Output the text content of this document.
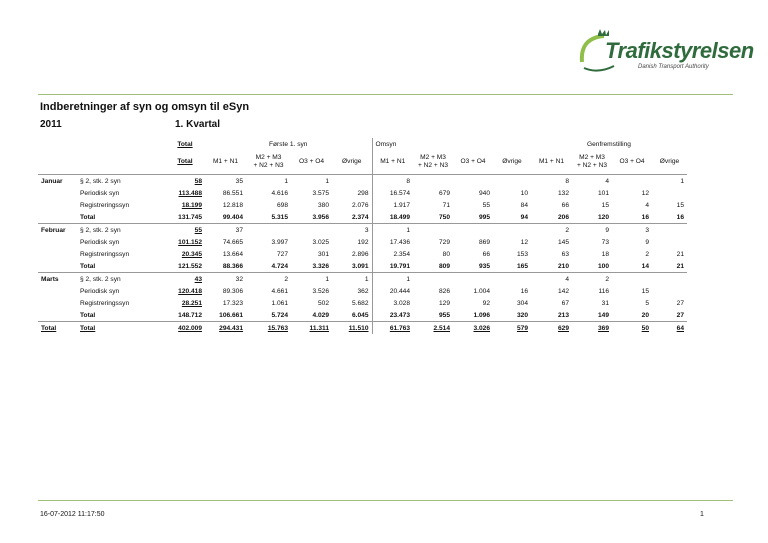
Trafikstyrelsen
Danish Transport Authority
Indberetninger af syn og omsyn til eSyn
2011	1. Kvartal
		Total	Første 1. syn				Omsyn				Genfremstilling			
		Total	M1 + N1	M2 + M3
+ N2 + N3	O3 + O4	Øvrige	M1 + N1	M2 + M3
+ N2 + N3	O3 + O4	Øvrige	M1 + N1	M2 + M3
+ N2 + N3	O3 + O4	Øvrige
Januar	§ 2, stk. 2 syn	58	35	1	1		8				8	4		1
	Periodisk syn	113.488	86.551	4.616	3.575	298	16.574	679	940	10	132	101	12	
	Registreringssyn	18.199	12.818	698	380	2.076	1.917	71	55	84	66	15	4	15
	Total	131.745	99.404	5.315	3.956	2.374	18.499	750	995	94	206	120	16	16
Februar	§ 2, stk. 2 syn	55	37			3	1				2	9	3	
	Periodisk syn	101.152	74.665	3.997	3.025	192	17.436	729	869	12	145	73	9	
	Registreringssyn	20.345	13.664	727	301	2.896	2.354	80	66	153	63	18	2	21
	Total	121.552	88.366	4.724	3.326	3.091	19.791	809	935	165	210	100	14	21
Marts	§ 2, stk. 2 syn	43	32	2	1	1	1				4	2		
	Periodisk syn	120.418	89.306	4.661	3.526	362	20.444	826	1.004	16	142	116	15	
	Registreringssyn	28.251	17.323	1.061	502	5.682	3.028	129	92	304	67	31	5	27
	Total	148.712	106.661	5.724	4.029	6.045	23.473	955	1.096	320	213	149	20	27
Total	Total	402.009	294.431	15.763	11.311	11.510	61.763	2.514	3.026	579	629	369	50	64
16-07-2012 11:17:50	1
